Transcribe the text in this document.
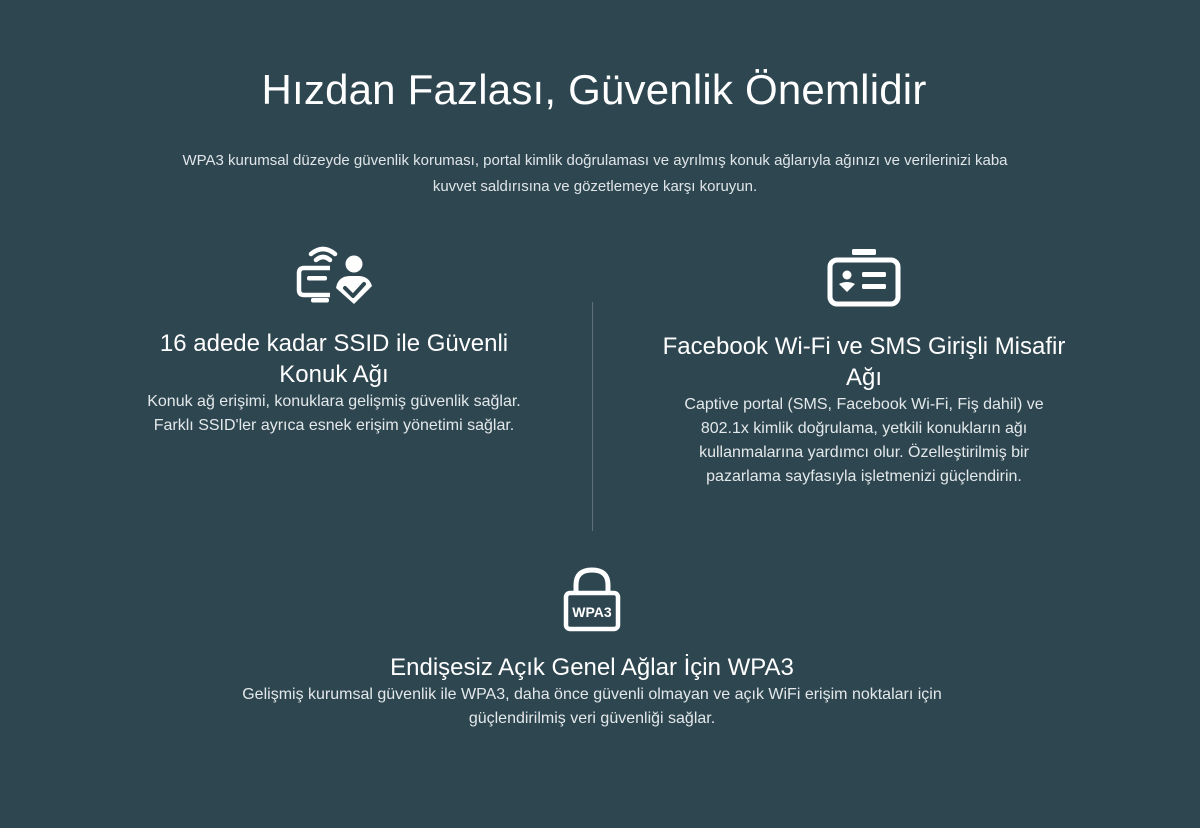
Hızdan Fazlası, Güvenlik Önemlidir

WPA3 kurumsal düzeyde güvenlik koruması, portal kimlik doğrulaması ve ayrılmış konuk ağlarıyla ağınızı ve verilerinizi kaba kuvvet saldırısına ve gözetlemeye karşı koruyun.

16 adede kadar SSID ile Güvenli Konuk Ağı

Konuk ağ erişimi, konuklara gelişmiş güvenlik sağlar. Farklı SSID'ler ayrıca esnek erişim yönetimi sağlar.

Facebook Wi-Fi ve SMS Girişli Misafir Ağı

Captive portal (SMS, Facebook Wi-Fi, Fiş dahil) ve 802.1x kimlik doğrulama, yetkili konukların ağı kullanmalarına yardımcı olur. Özelleştirilmiş bir pazarlama sayfasıyla işletmenizi güçlendirin.

WPA3
Endişesiz Açık Genel Ağlar İçin WPA3

Gelişmiş kurumsal güvenlik ile WPA3, daha önce güvenli olmayan ve açık WiFi erişim noktaları için güçlendirilmiş veri güvenliği sağlar.
